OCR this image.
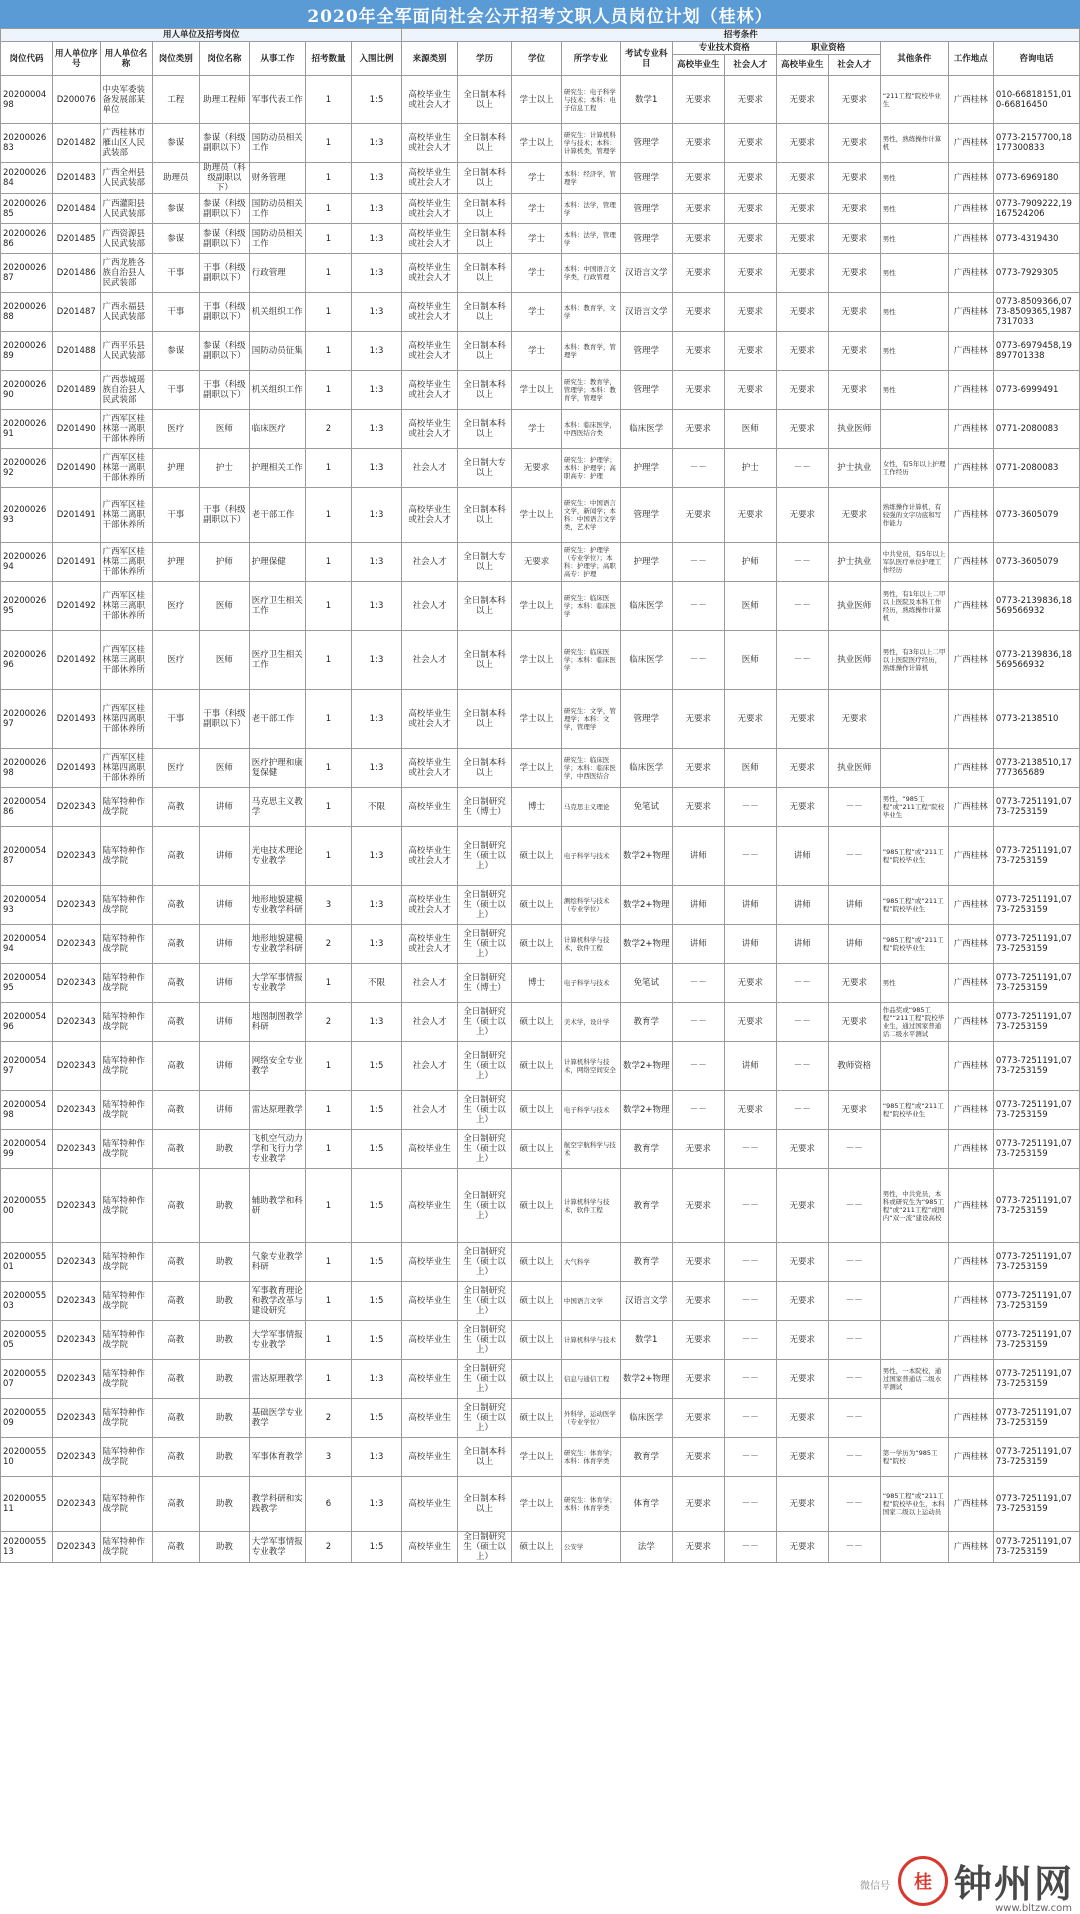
2020年全军面向社会公开招考文职人员岗位计划（桂林）
用人单位及招考岗位								招考条件											
岗位代码	用人单位序号	用人单位名称	岗位类别	岗位名称	从事工作	招考数量	入围比例	来源类别	学历	学位	所学专业	考试专业科目	专业技术资格		职业资格		其他条件	工作地点	咨询电话
													高校毕业生	社会人才	高校毕业生	社会人才			
2020000498	D200076	中央军委装备发展部某单位	工程	助理工程师	军事代表工作	1	1:5	高校毕业生或社会人才	全日制本科以上	学士以上	研究生：电子科学与技术；本科：电子信息工程	数学1	无要求	无要求	无要求	无要求	“211工程”院校毕业生	广西桂林	010-66818151,010-66816450
2020002683	D201482	广西桂林市雁山区人民武装部	参谋	参谋（科级副职以下）	国防动员相关工作	1	1:3	高校毕业生或社会人才	全日制本科以上	学士以上	研究生：计算机科学与技术；本科：计算机类，管理学	管理学	无要求	无要求	无要求	无要求	男性，熟练操作计算机	广西桂林	0773-2157700,18177300833
2020002684	D201483	广西全州县人民武装部	助理员	助理员（科级副职以下）	财务管理	1	1:3	高校毕业生或社会人才	全日制本科以上	学士	本科：经济学，管理学	管理学	无要求	无要求	无要求	无要求	男性	广西桂林	0773-6969180
2020002685	D201484	广西灌阳县人民武装部	参谋	参谋（科级副职以下）	国防动员相关工作	1	1:3	高校毕业生或社会人才	全日制本科以上	学士	本科：法学，管理学	管理学	无要求	无要求	无要求	无要求	男性	广西桂林	0773-7909222,19167524206
2020002686	D201485	广西资源县人民武装部	参谋	参谋（科级副职以下）	国防动员相关工作	1	1:3	高校毕业生或社会人才	全日制本科以上	学士	本科：法学，管理学	管理学	无要求	无要求	无要求	无要求	男性	广西桂林	0773-4319430
2020002687	D201486	广西龙胜各族自治县人民武装部	干事	干事（科级副职以下）	行政管理	1	1:3	高校毕业生或社会人才	全日制本科以上	学士	本科：中国语言文学类，行政管理	汉语言文学	无要求	无要求	无要求	无要求	男性	广西桂林	0773-7929305
2020002688	D201487	广西永福县人民武装部	干事	干事（科级副职以下）	机关组织工作	1	1:3	高校毕业生或社会人才	全日制本科以上	学士	本科：教育学，文学	汉语言文学	无要求	无要求	无要求	无要求	男性	广西桂林	0773-8509366,0773-8509365,19877317033
2020002689	D201488	广西平乐县人民武装部	参谋	参谋（科级副职以下）	国防动员征集	1	1:3	高校毕业生或社会人才	全日制本科以上	学士	本科：教育学，管理学	管理学	无要求	无要求	无要求	无要求	男性	广西桂林	0773-6979458,19897701338
2020002690	D201489	广西恭城瑶族自治县人民武装部	干事	干事（科级副职以下）	机关组织工作	1	1:3	高校毕业生或社会人才	全日制本科以上	学士以上	研究生：教育学，管理学；本科：教育学，管理学	管理学	无要求	无要求	无要求	无要求	男性	广西桂林	0773-6999491
2020002691	D201490	广西军区桂林第一离职干部休养所	医疗	医师	临床医疗	2	1:3	高校毕业生或社会人才	全日制本科以上	学士	本科：临床医学，中西医结合类	临床医学	无要求	医师	无要求	执业医师		广西桂林	0771-2080083
2020002692	D201490	广西军区桂林第一离职干部休养所	护理	护士	护理相关工作	1	1:3	社会人才	全日制大专以上	无要求	研究生：护理学；本科：护理学；高职高专：护理	护理学	－－	护士	－－	护士执业	女性，有5年以上护理工作经历	广西桂林	0771-2080083
2020002693	D201491	广西军区桂林第二离职干部休养所	干事	干事（科级副职以下）	老干部工作	1	1:3	高校毕业生或社会人才	全日制本科以上	学士以上	研究生：中国语言文学，新闻学；本科：中国语言文学类，艺术学	管理学	无要求	无要求	无要求	无要求	熟练操作计算机，有较强的文字功底和写作能力	广西桂林	0773-3605079
2020002694	D201491	广西军区桂林第二离职干部休养所	护理	护师	护理保健	1	1:3	社会人才	全日制大专以上	无要求	研究生：护理学（专业学位）；本科：护理学；高职高专：护理	护理学	－－	护师	－－	护士执业	中共党员，有5年以上军队医疗单位护理工作经历	广西桂林	0773-3605079
2020002695	D201492	广西军区桂林第三离职干部休养所	医疗	医师	医疗卫生相关工作	1	1:3	社会人才	全日制本科以上	学士以上	研究生：临床医学；本科：临床医学	临床医学	－－	医师	－－	执业医师	男性，有1年以上二甲以上医院及本科工作经历，熟练操作计算机	广西桂林	0773-2139836,18569566932
2020002696	D201492	广西军区桂林第三离职干部休养所	医疗	医师	医疗卫生相关工作	1	1:3	社会人才	全日制本科以上	学士以上	研究生：临床医学；本科：临床医学	临床医学	－－	医师	－－	执业医师	男性，有3年以上二甲以上医院医疗经历，熟练操作计算机	广西桂林	0773-2139836,18569566932
2020002697	D201493	广西军区桂林第四离职干部休养所	干事	干事（科级副职以下）	老干部工作	1	1:3	高校毕业生或社会人才	全日制本科以上	学士以上	研究生：文学，管理学；本科：文学，管理学	管理学	无要求	无要求	无要求	无要求		广西桂林	0773-2138510
2020002698	D201493	广西军区桂林第四离职干部休养所	医疗	医师	医疗护理和康复保健	1	1:3	高校毕业生或社会人才	全日制本科以上	学士以上	研究生：临床医学；本科：临床医学，中西医结合	临床医学	无要求	医师	无要求	执业医师		广西桂林	0773-2138510,17777365689
2020005486	D202343	陆军特种作战学院	高教	讲师	马克思主义教学	1	不限	高校毕业生	全日制研究生（博士）	博士	马克思主义理论	免笔试	无要求	－－	无要求	－－	男性，“985工程”或“211工程”院校毕业生	广西桂林	0773-7251191,0773-7253159
2020005487	D202343	陆军特种作战学院	高教	讲师	光电技术理论专业教学	1	1:3	高校毕业生或社会人才	全日制研究生（硕士以上）	硕士以上	电子科学与技术	数学2+物理	讲师	－－	讲师	－－	“985工程”或“211工程”院校毕业生	广西桂林	0773-7251191,0773-7253159
2020005493	D202343	陆军特种作战学院	高教	讲师	地形地貌建模专业教学科研	3	1:3	高校毕业生或社会人才	全日制研究生（硕士以上）	硕士以上	测绘科学与技术（专业学位）	数学2+物理	讲师	讲师	讲师	讲师	“985工程”或“211工程”院校毕业生	广西桂林	0773-7251191,0773-7253159
2020005494	D202343	陆军特种作战学院	高教	讲师	地形地貌建模专业教学科研	2	1:3	高校毕业生或社会人才	全日制研究生（硕士以上）	硕士以上	计算机科学与技术，软件工程	数学2+物理	讲师	讲师	讲师	讲师	“985工程”或“211工程”院校毕业生	广西桂林	0773-7251191,0773-7253159
2020005495	D202343	陆军特种作战学院	高教	讲师	大学军事情报专业教学	1	不限	社会人才	全日制研究生（博士）	博士	电子科学与技术	免笔试	－－	无要求	－－	无要求	男性	广西桂林	0773-7251191,0773-7253159
2020005496	D202343	陆军特种作战学院	高教	讲师	地图制图教学科研	2	1:3	社会人才	全日制研究生（硕士以上）	硕士以上	美术学，设计学	教育学	－－	无要求	－－	无要求	作品奖或“985工程”“211工程”院校毕业生，通过国家普通话二级水平测试	广西桂林	0773-7251191,0773-7253159
2020005497	D202343	陆军特种作战学院	高教	讲师	网络安全专业教学	1	1:5	社会人才	全日制研究生（硕士以上）	硕士以上	计算机科学与技术，网络空间安全	数学2+物理	－－	讲师	－－	教师资格		广西桂林	0773-7251191,0773-7253159
2020005498	D202343	陆军特种作战学院	高教	讲师	雷达原理教学	1	1:5	社会人才	全日制研究生（硕士以上）	硕士以上	电子科学与技术	数学2+物理	－－	无要求	－－	无要求	“985工程”或“211工程”院校毕业生	广西桂林	0773-7251191,0773-7253159
2020005499	D202343	陆军特种作战学院	高教	助教	飞机空气动力学和飞行力学专业教学	1	1:5	高校毕业生	全日制研究生（硕士以上）	硕士以上	航空宇航科学与技术	教育学	无要求	－－	无要求	－－		广西桂林	0773-7251191,0773-7253159
2020005500	D202343	陆军特种作战学院	高教	助教	辅助教学和科研	1	1:5	高校毕业生	全日制研究生（硕士以上）	硕士以上	计算机科学与技术，软件工程	教育学	无要求	－－	无要求	－－	男性，中共党员，本科或研究生为“985工程”或“211工程”或国内“双一流”建设高校	广西桂林	0773-7251191,0773-7253159
2020005501	D202343	陆军特种作战学院	高教	助教	气象专业教学科研	1	1:5	高校毕业生	全日制研究生（硕士以上）	硕士以上	大气科学	教育学	无要求	－－	无要求	－－		广西桂林	0773-7251191,0773-7253159
2020005503	D202343	陆军特种作战学院	高教	助教	军事教育理论和教学改革与建设研究	1	1:5	高校毕业生	全日制研究生（硕士以上）	硕士以上	中国语言文学	汉语言文学	无要求	－－	无要求	－－		广西桂林	0773-7251191,0773-7253159
2020005505	D202343	陆军特种作战学院	高教	助教	大学军事情报专业教学	1	1:5	高校毕业生	全日制研究生（硕士以上）	硕士以上	计算机科学与技术	数学1	无要求	－－	无要求	－－		广西桂林	0773-7251191,0773-7253159
2020005507	D202343	陆军特种作战学院	高教	助教	雷达原理教学	1	1:3	高校毕业生	全日制研究生（硕士以上）	硕士以上	信息与通信工程	数学2+物理	无要求	－－	无要求	－－	男性，一本院校，通过国家普通话二级水平测试	广西桂林	0773-7251191,0773-7253159
2020005509	D202343	陆军特种作战学院	高教	助教	基础医学专业教学	2	1:5	高校毕业生	全日制研究生（硕士以上）	硕士以上	外科学，运动医学（专业学位）	临床医学	无要求	－－	无要求	－－		广西桂林	0773-7251191,0773-7253159
2020005510	D202343	陆军特种作战学院	高教	助教	军事体育教学	3	1:3	高校毕业生	全日制本科以上	学士以上	研究生：体育学；本科：体育学类	教育学	无要求	－－	无要求	－－	第一学历为“985工程”院校	广西桂林	0773-7251191,0773-7253159
2020005511	D202343	陆军特种作战学院	高教	助教	教学科研和实践教学	6	1:3	高校毕业生	全日制本科以上	学士以上	研究生：体育学；本科：体育学类	体育学	无要求	－－	无要求	－－	“985工程”或“211工程”院校毕业生，本科国家二级以上运动员	广西桂林	0773-7251191,0773-7253159
2020005513	D202343	陆军特种作战学院	高教	助教	大学军事情报专业教学	2	1:5	高校毕业生	全日制研究生（硕士以上）	硕士以上	公安学	法学	无要求	－－	无要求	－－		广西桂林	0773-7251191,0773-7253159
桂 钟州网
微信号
www.bltzw.com
